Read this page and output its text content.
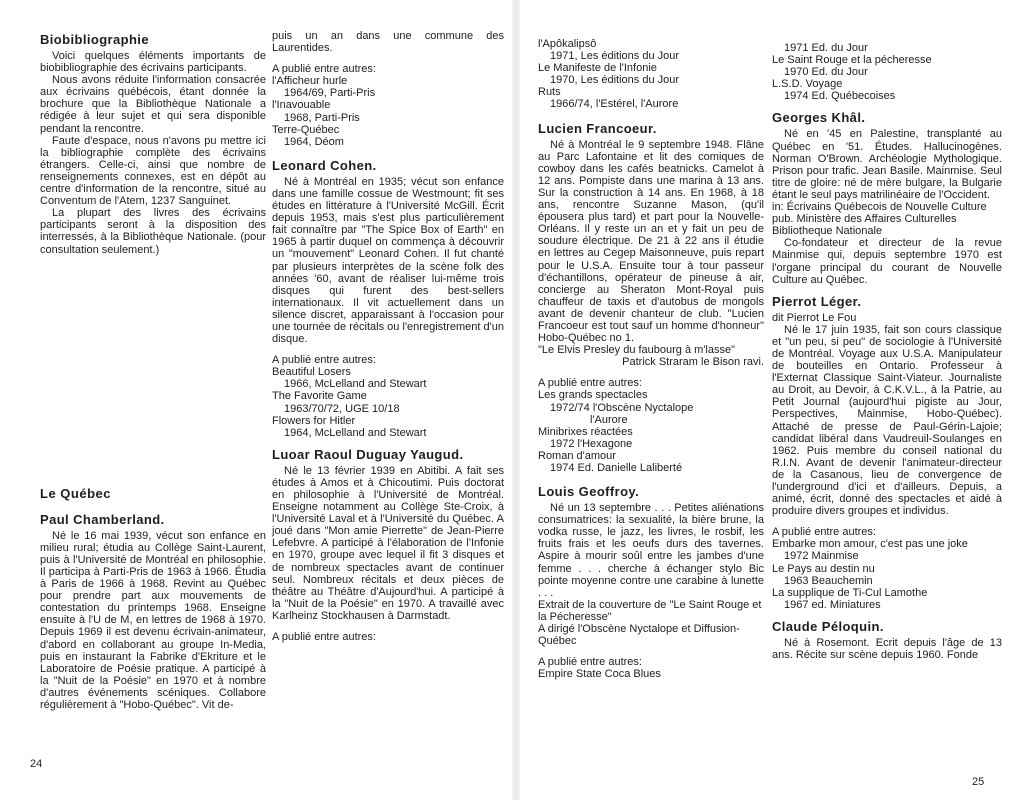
Biobibliographie

Voici quelques éléments importants de biobibliographie des écrivains participants.

Nous avons réduite l'information consacrée aux écrivains québécois, étant donnée la brochure que la Bibliothèque Nationale a rédigée à leur sujet et qui sera disponible pendant la rencontre.

Faute d'espace, nous n'avons pu mettre ici la bibliographie complète des écrivains étrangers. Celle-ci, ainsi que nombre de renseignements connexes, est en dépôt au centre d'information de la rencontre, situé au Conventum de l'Atem, 1237 Sanguinet.

La plupart des livres des écrivains participants seront à la disposition des interressés, à la Bibliothèque Nationale. (pour consultation seulement.)

Le Québec
Paul Chamberland.

Né le 16 mai 1939, vécut son enfance en milieu rural; étudia au Collège Saint-Laurent, puis à l'Université de Montréal en philosophie. Il participa à Parti-Pris de 1963 à 1966. Étudia à Paris de 1966 à 1968. Revint au Québec pour prendre part aux mouvements de contestation du printemps 1968. Enseigne ensuite à l'U de M, en lettres de 1968 à 1970. Depuis 1969 il est devenu écrivain-animateur, d'abord en collaborant au groupe In-Media, puis en instaurant la Fabrike d'Ekriture et le Laboratoire de Poésie pratique. A participé à la "Nuit de la Poésie" en 1970 et à nombre d'autres événements scéniques. Collabore régulièrement à "Hobo-Québec". Vit de-

puis un an dans une commune des Laurentides.

A publié entre autres:

l'Afficheur hurle

1964/69, Parti-Pris

l'Inavouable

1968, Parti-Pris

Terre-Québec

1964, Déom

Leonard Cohen.

Né à Montréal en 1935; vécut son enfance dans une famille cossue de Westmount; fit ses études en littérature à l'Université McGill. Écrit depuis 1953, mais s'est plus particulièrement fait connaître par "The Spice Box of Earth" en 1965 à partir duquel on commença à découvrir un "mouvement" Leonard Cohen. Il fut chanté par plusieurs interprètes de la scène folk des années '60, avant de réaliser lui-même trois disques qui furent des best-sellers internationaux. Il vit actuellement dans un silence discret, apparaissant à l'occasion pour une tournée de récitals ou l'enregistrement d'un disque.

A publié entre autres:

Beautiful Losers

1966, McLelland and Stewart

The Favorite Game

1963/70/72, UGE 10/18

Flowers for Hitler

1964, McLelland and Stewart

Luoar Raoul Duguay Yaugud.

Né le 13 février 1939 en Abitibi. A fait ses études à Amos et à Chicoutimi. Puis doctorat en philosophie à l'Université de Montréal. Enseigne notamment au Collège Ste-Croix, à l'Université Laval et à l'Université du Québec. A joué dans "Mon amie Pierrette" de Jean-Pierre Lefebvre. A participé à l'élaboration de l'Infonie en 1970, groupe avec lequel il fit 3 disques et de nombreux spectacles avant de continuer seul. Nombreux récitals et deux pièces de théâtre au Théâtre d'Aujourd'hui. A participé à la "Nuit de la Poésie" en 1970. A travaillé avec Karlheinz Stockhausen à Darmstadt.

A publié entre autres:

l'Apôkalipsô

1971, Les éditions du Jour

Le Manifeste de l'Infonie

1970, Les éditions du Jour

Ruts

1966/74, l'Estérel, l'Aurore

Lucien Francoeur.

Né à Montréal le 9 septembre 1948. Flâne au Parc Lafontaine et lit des comiques de cowboy dans les cafés beatnicks. Camelot à 12 ans. Pompiste dans une marina à 13 ans. Sur la construction à 14 ans. En 1968, à 18 ans, rencontre Suzanne Mason, (qu'il épousera plus tard) et part pour la Nouvelle-Orléans. Il y reste un an et y fait un peu de soudure électrique. De 21 à 22 ans il étudie en lettres au Cegep Maisonneuve, puis repart pour le U.S.A. Ensuite tour à tour passeur d'échantillons, opérateur de pineuse à air, concierge au Sheraton Mont-Royal puis chauffeur de taxis et d'autobus de mongols avant de devenir chanteur de club. "Lucien Francoeur est tout sauf un homme d'honneur" Hobo-Québec no 1.

"Le Elvis Presley du faubourg à m'lasse"

Patrick Straram le Bison ravi.

A publié entre autres:

Les grands spectacles

1972/74 l'Obscène Nyctalope

l'Aurore

Minibrixes réactées

1972 l'Hexagone

Roman d'amour

1974 Ed. Danielle Laliberté

Louis Geoffroy.

Né un 13 septembre . . . Petites aliénations consumatrices: la sexualité, la bière brune, la vodka russe, le jazz, les livres, le rosbif, les fruits frais et les oeufs durs des tavernes. Aspire à mourir soûl entre les jambes d'une femme . . . cherche à échanger stylo Bic pointe moyenne contre une carabine à lunette . . .

Extrait de la couverture de "Le Saint Rouge et la Pécheresse"

A dirigé l'Obscène Nyctalope et Diffusion-Québec

A publié entre autres:

Empire State Coca Blues

1971 Ed. du Jour

Le Saint Rouge et la pécheresse

1970 Ed. du Jour

L.S.D. Voyage

1974 Ed. Québecoises

Georges Khâl.

Né en '45 en Palestine, transplanté au Québec en '51. Études. Hallucinogènes. Norman O'Brown. Archéologie Mythologique. Prison pour trafic. Jean Basile. Mainmise. Seul titre de gloire: né de mère bulgare, la Bulgarie étant le seul pays matrilinéaire de l'Occident.

in: Écrivains Québecois de Nouvelle Culture

pub. Ministère des Affaires Culturelles Bibliotheque Nationale

Co-fondateur et directeur de la revue Mainmise qui, depuis septembre 1970 est l'organe principal du courant de Nouvelle Culture au Québec.

Pierrot Léger.

dit Pierrot Le Fou

Né le 17 juin 1935, fait son cours classique et "un peu, si peu" de sociologie à l'Université de Montréal. Voyage aux U.S.A. Manipulateur de bouteilles en Ontario. Professeur à l'Externat Classique Saint-Viateur. Journaliste au Droit, au Devoir, à C.K.V.L., à la Patrie, au Petit Journal (aujourd'hui pigiste au Jour, Perspectives, Mainmise, Hobo-Québec). Attaché de presse de Paul-Gérin-Lajoie; candidat libéral dans Vaudreuil-Soulanges en 1962. Puis membre du conseil national du R.I.N. Avant de devenir l'animateur-directeur de la Casanous, lieu de convergence de l'underground d'ici et d'ailleurs. Depuis, a animé, écrit, donné des spectacles et aidé à produire divers groupes et individus.

A publié entre autres:

Embarke mon amour, c'est pas une joke

1972 Mainmise

Le Pays au destin nu

1963 Beauchemin

La supplique de Ti-Cul Lamothe

1967 ed. Miniatures

Claude Péloquin.

Né à Rosemont. Ecrit depuis l'âge de 13 ans. Récite sur scène depuis 1960. Fonde

24
25
